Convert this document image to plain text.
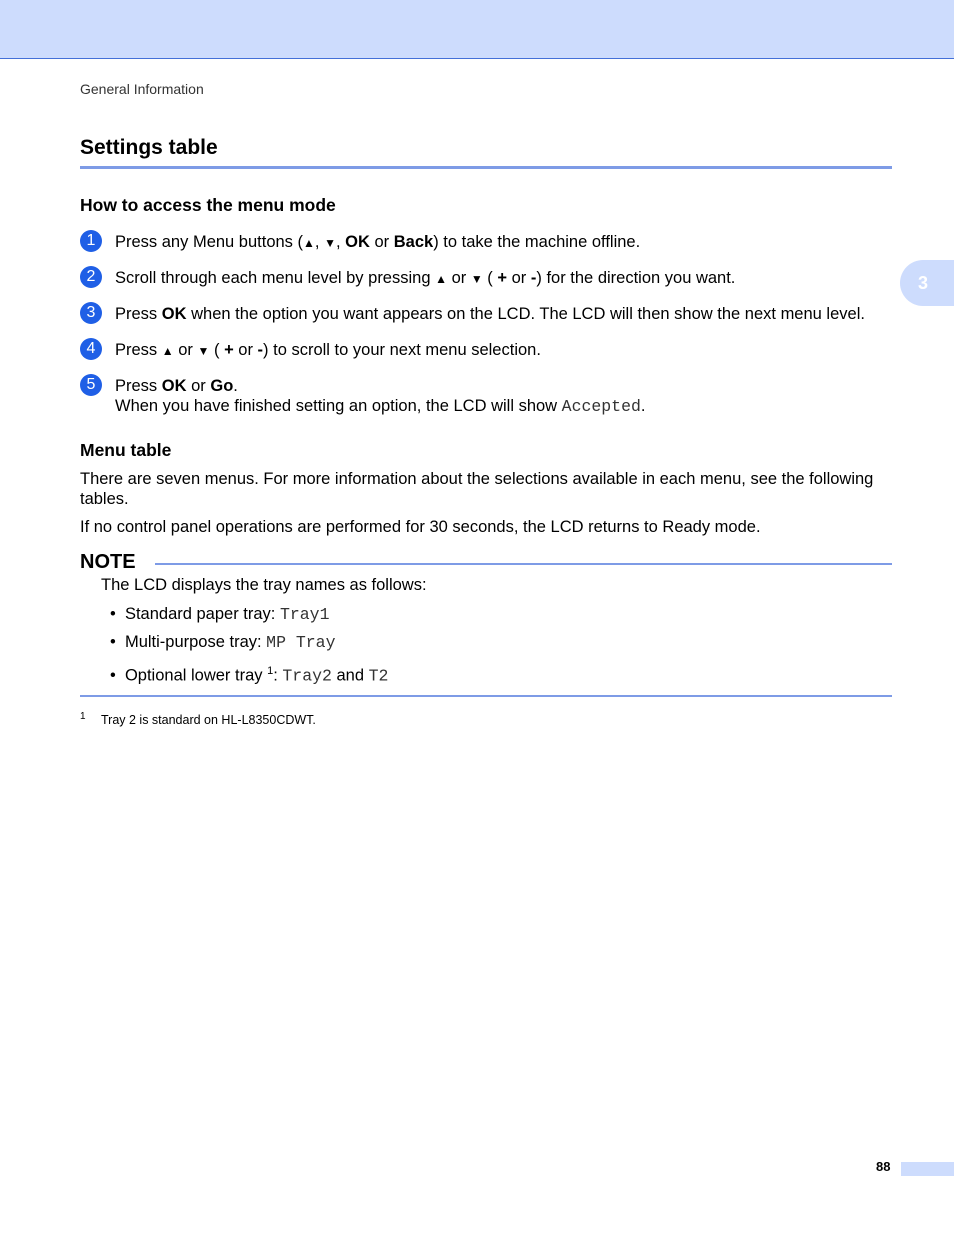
General Information
3
Settings table
How to access the menu mode
1	Press any Menu buttons (▲, ▼, OK or Back) to take the machine offline.
2	Scroll through each menu level by pressing ▲ or ▼ ( + or -) for the direction you want.
3	Press OK when the option you want appears on the LCD. The LCD will then show the next menu level.
4	Press ▲ or ▼ ( + or -) to scroll to your next menu selection.
5	Press OK or Go.
When you have finished setting an option, the LCD will show Accepted.
Menu table
There are seven menus. For more information about the selections available in each menu, see the following tables.
If no control panel operations are performed for 30 seconds, the LCD returns to Ready mode.
NOTE
The LCD displays the tray names as follows:
•  Standard paper tray: Tray1
•  Multi-purpose tray: MP Tray
•  Optional lower tray $^1$: Tray2 and T2
1 Tray 2 is standard on HL-L8350CDWT.
88
